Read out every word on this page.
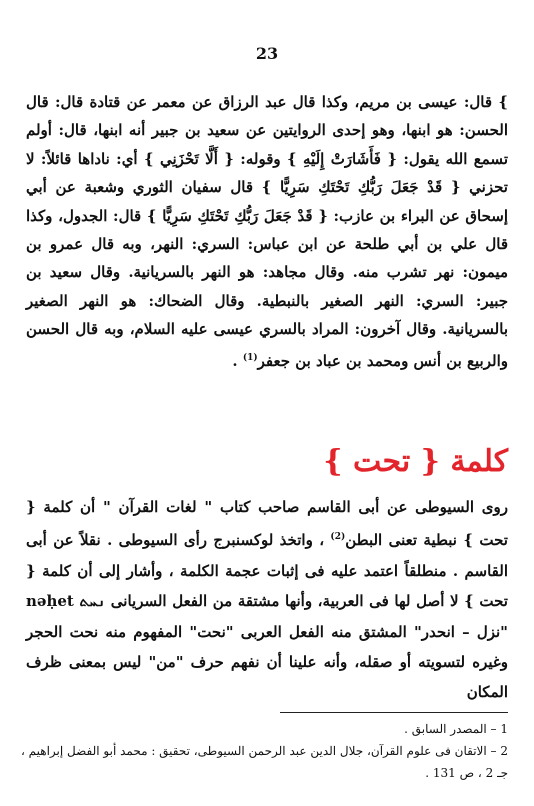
23

} قال: عيسى بن مريم، وكذا قال عبد الرزاق عن معمر عن قتادة قال: قال الحسن: هو ابنها، وهو إحدى الروايتين عن سعيد بن جبير أنه ابنها، قال: أولم تسمع الله يقول: { فَأَشَارَتْ إِلَيْهِ } وقوله: { أَلَّا تَحْزَنِي } أي: ناداها قائلاً: لا تحزني { قَدْ جَعَلَ رَبُّكِ تَحْتَكِ سَرِيًّا } قال سفيان الثوري وشعبة عن أبي إسحاق عن البراء بن عازب: { قَدْ جَعَلَ رَبُّكِ تَحْتَكِ سَرِيًّا } قال: الجدول، وكذا قال علي بن أبي طلحة عن ابن عباس: السري: النهر، وبه قال عمرو بن ميمون: نهر تشرب منه. وقال مجاهد: هو النهر بالسريانية. وقال سعيد بن جبير: السري: النهر الصغير بالنبطية. وقال الضحاك: هو النهر الصغير بالسريانية. وقال آخرون: المراد بالسري عيسى عليه السلام، وبه قال الحسن والربيع بن أنس ومحمد بن عباد بن جعفر$^{(1)}$ .

كلمة { تحت }

روى السيوطى عن أبى القاسم صاحب كتاب " لغات القرآن " أن كلمة { تحت } نبطية تعنى البطن$^{(2)}$ ، واتخذ لوكسنبرج رأى السيوطى . نقلاً عن أبى القاسم . منطلقاً اعتمد عليه فى إثبات عجمة الكلمة ، وأشار إلى أن كلمة { تحت } لا أصل لها فى العربية، وأنها مشتقة من الفعل السريانى ܢܚܬ nəḥet "نزل – انحدر" المشتق منه الفعل العربى "نحت" المفهوم منه نحت الحجر وغيره لتسويته أو صقله، وأنه علينا أن نفهم حرف "من" ليس بمعنى ظرف المكان

1 – المصدر السابق .

2 – الاتقان فى علوم القرآن، جلال الدين عبد الرحمن السيوطى، تحقيق : محمد أبو الفضل إبراهيم ، جـ 2 ، ص 131 .
